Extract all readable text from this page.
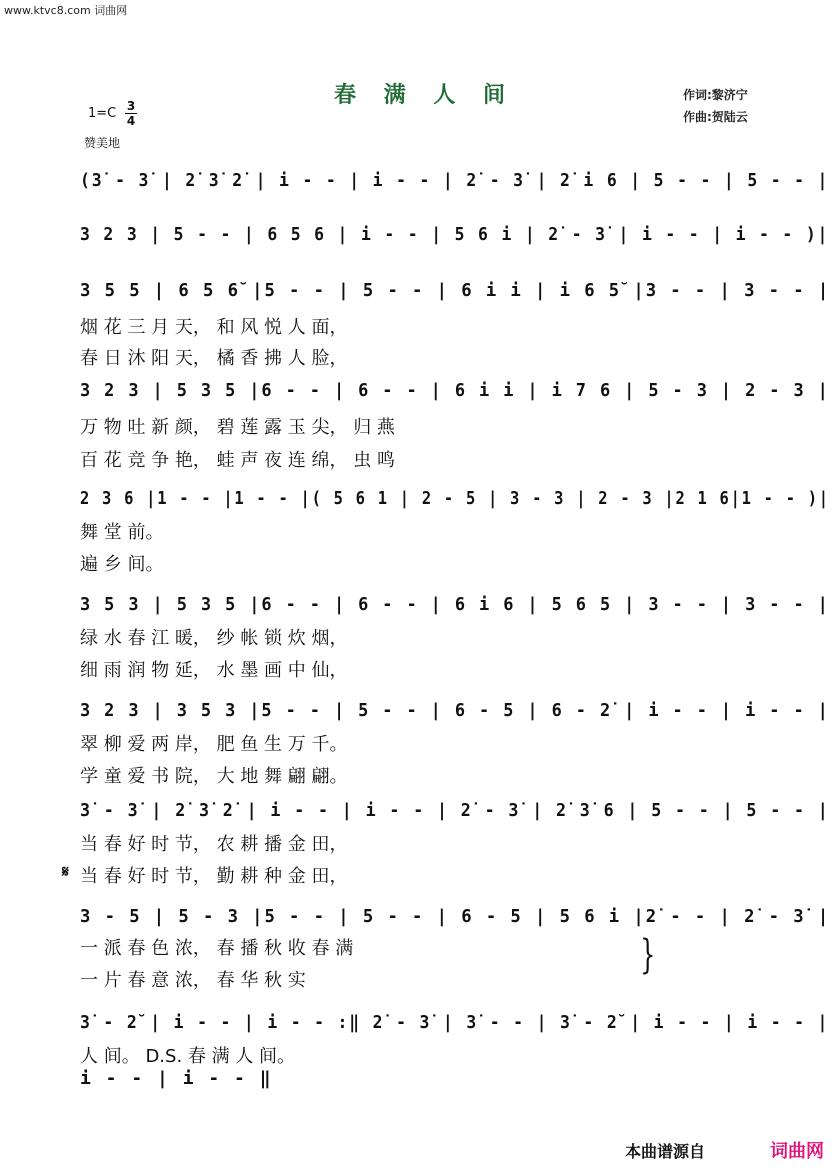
www.ktvc8.com 词曲网
春 满 人 间	作词:黎济宁
作曲:贺陆云
1=C 3
4
赞美地
(3̇ - 3̇ | 2̇ 3̇ 2̇ | i - - | i - - | 2̇ - 3̇ | 2̇ i 6 | 5 - - | 5 - - |
3 2 3 | 5 - - | 6 5 6 | i - - | 5 6 i | 2̇ - 3̇ | i - - | i - - )|
3 5 5 | 6 5 6̆ |5 - - | 5 - - | 6 i i | i 6 5̆ |3 - - | 3 - - |
烟 花 三 月 天， 和 风 悦 人 面，
春 日 沐 阳 天， 橘 香 拂 人 脸，
3 2 3 | 5 3 5 |6 - - | 6 - - | 6 i i | i 7 6 | 5 - 3 | 2 - 3 |
万 物 吐 新 颜， 碧 莲 露 玉 尖， 归 燕
百 花 竞 争 艳， 蛙 声 夜 连 绵， 虫 鸣
2 3 6 |1 - - |1 - - |( 5 6 1 | 2 - 5 | 3 - 3 | 2 - 3 |2 1 6|1 - - )|
舞 堂 前。
遍 乡 间。
3 5 3 | 5 3 5 |6 - - | 6 - - | 6 i 6 | 5 6 5 | 3 - - | 3 - - |
绿 水 春 江 暖， 纱 帐 锁 炊 烟，
细 雨 润 物 延， 水 墨 画 中 仙，
3 2 3 | 3 5 3 |5 - - | 5 - - | 6 - 5 | 6 - 2̇ | i - - | i - - |
翠 柳 爱 两 岸， 肥 鱼 生 万 千。
学 童 爱 书 院， 大 地 舞 翩 翩。
3̇ - 3̇ | 2̇ 3̇ 2̇ | i - - | i - - | 2̇ - 3̇ | 2̇ 3̇ 6 | 5 - - | 5 - - |
当 春 好 时 节， 农 耕 播 金 田，
当 春 好 时 节， 勤 耕 种 金 田，
3 - 5 | 5 - 3 |5 - - | 5 - - | 6 - 5 | 5 6 i |2̇ - - | 2̇ - 3̇ |
一 派 春 色 浓， 春 播 秋 收 春 满
一 片 春 意 浓， 春 华 秋 实
3̇ - 2̆ | i - - | i - - :‖ 2̇ - 3̇ | 3̇ - - | 3̇ - 2̆ | i - - | i - - |
人 间。 D.S. 春 满 人 间。
i - - | i - - ‖
𝄋
}
本曲谱源自	词曲网
